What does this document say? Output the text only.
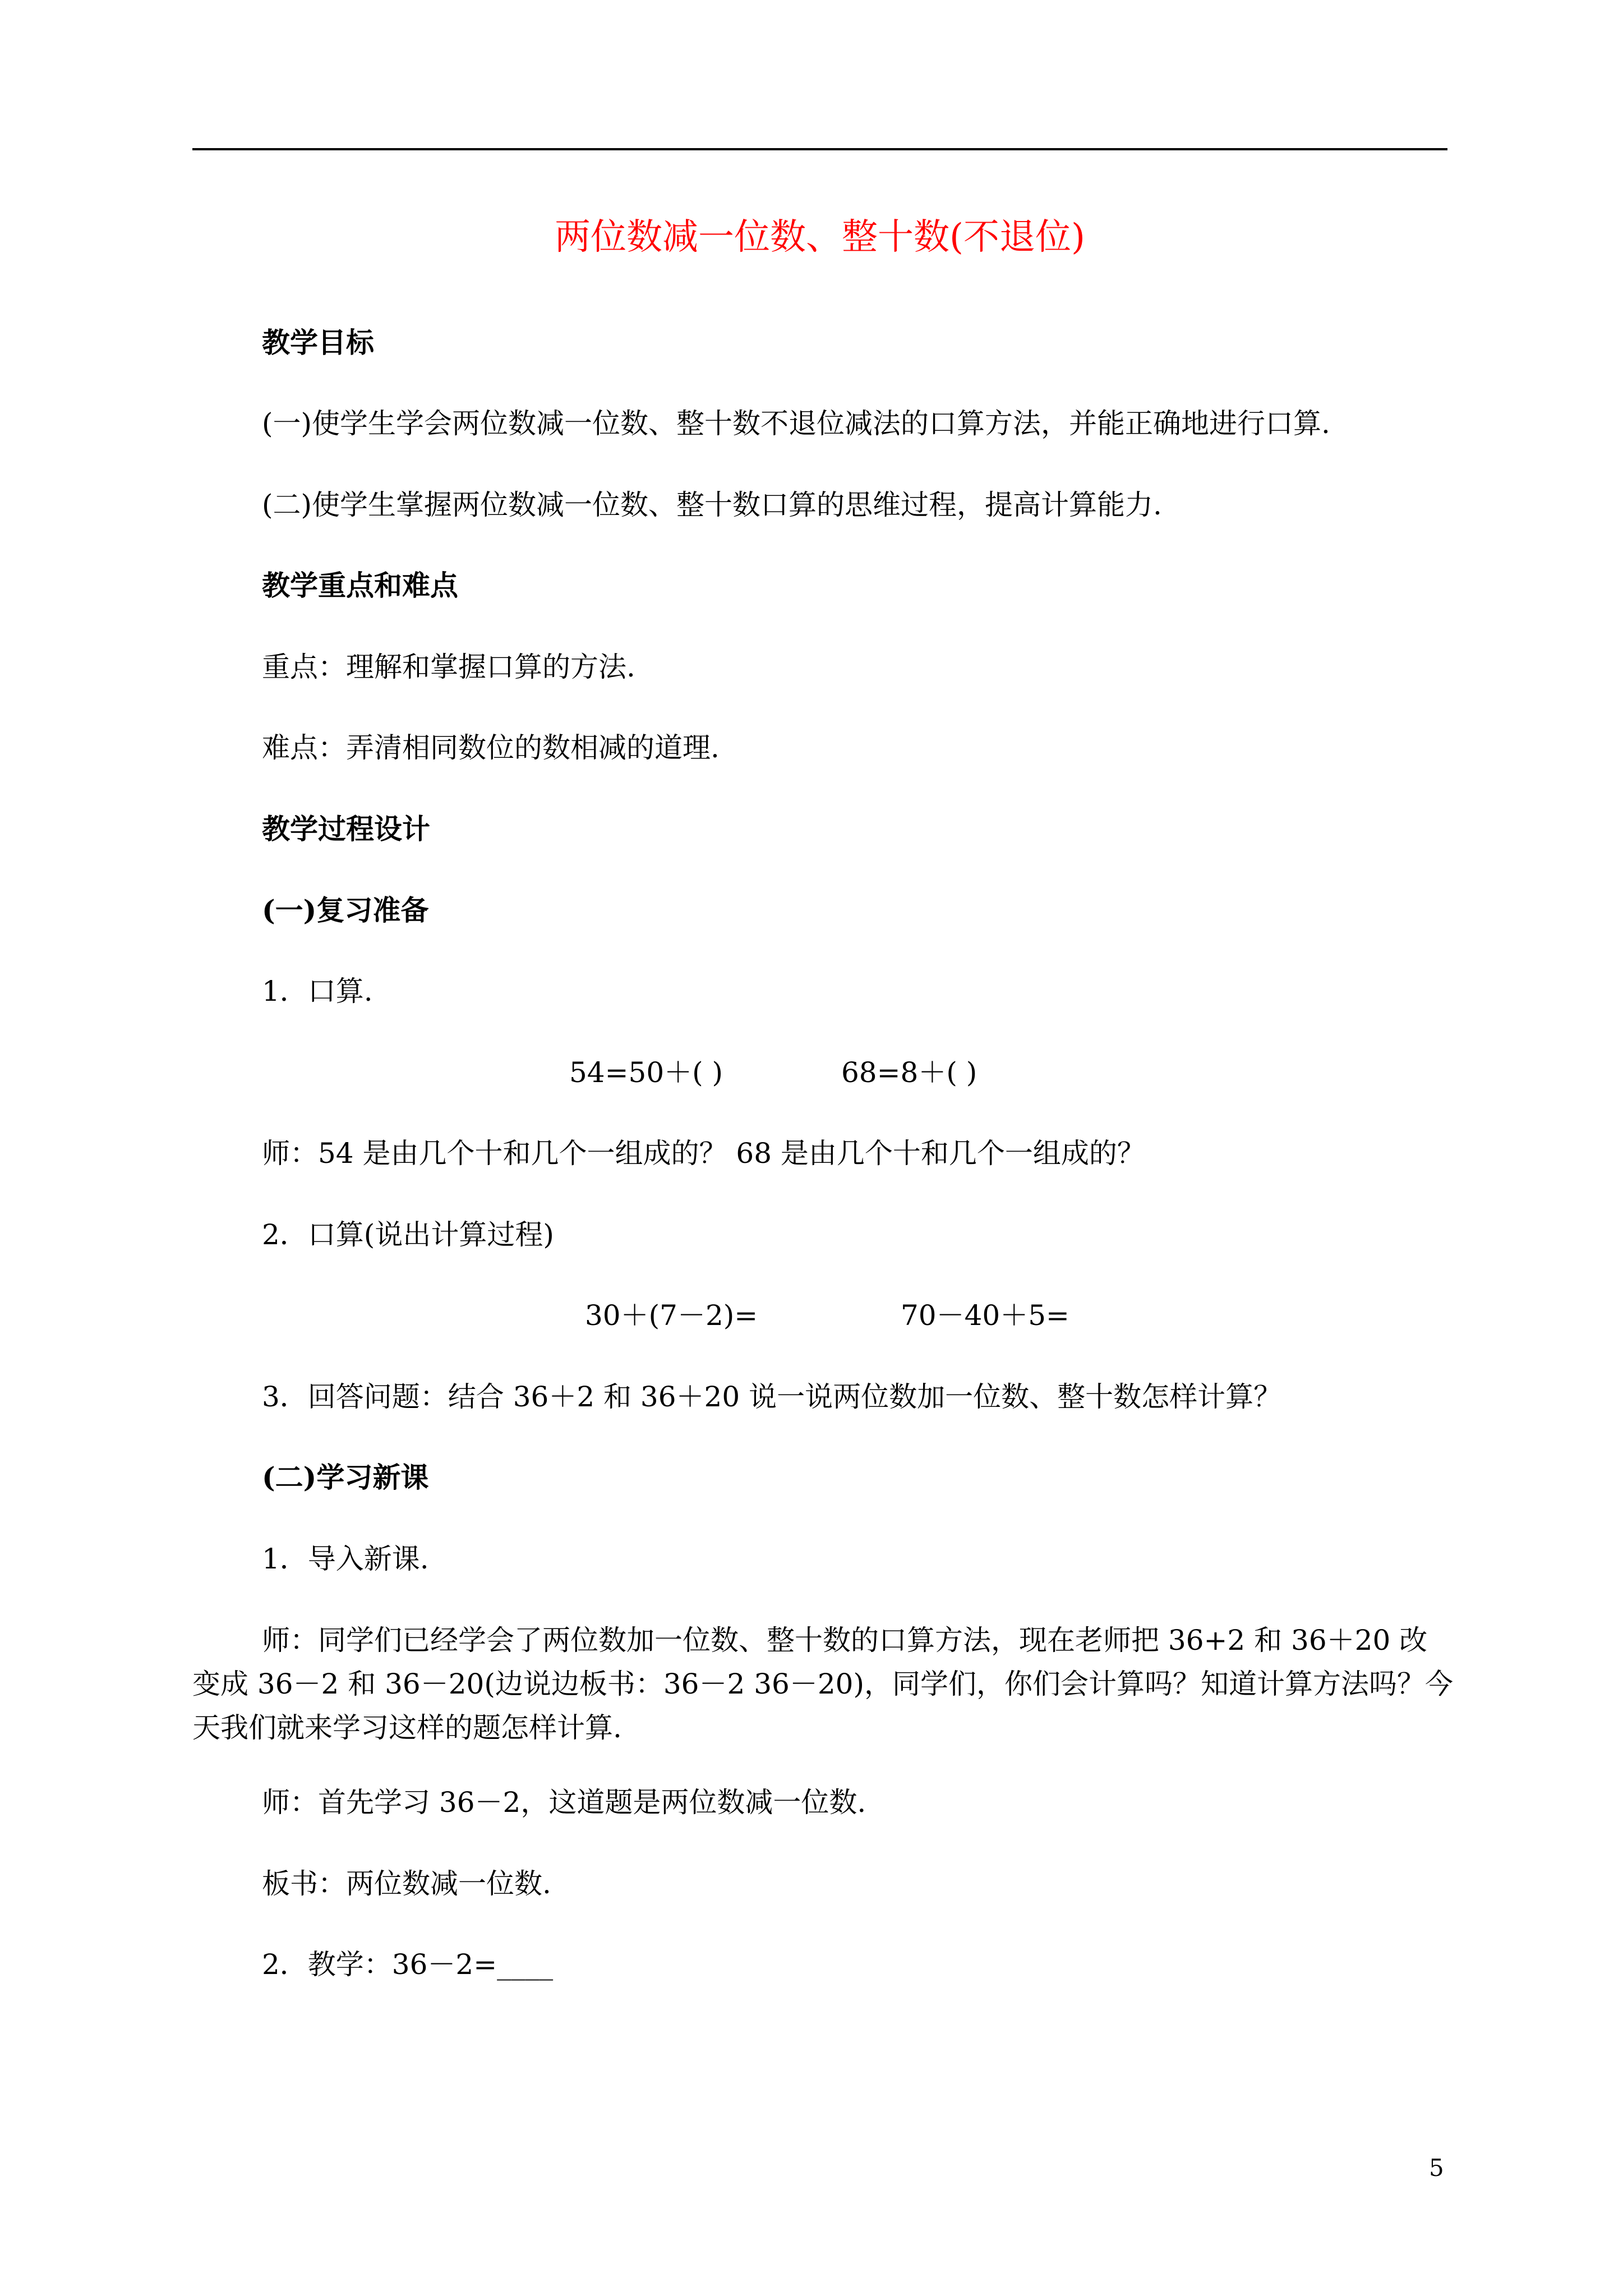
两位数减一位数、整十数(不退位)
教学目标
(一)使学生学会两位数减一位数、整十数不退位减法的口算方法，并能正确地进行口算.
(二)使学生掌握两位数减一位数、整十数口算的思维过程，提高计算能力.
教学重点和难点
重点：理解和掌握口算的方法.
难点：弄清相同数位的数相减的道理.
教学过程设计
(一)复习准备
1．口算.
54=50＋( )	68=8＋( )
师：54 是由几个十和几个一组成的？ 68 是由几个十和几个一组成的？
2．口算(说出计算过程)
30＋(7－2)=	70－40＋5=
3．回答问题：结合 36＋2 和 36＋20 说一说两位数加一位数、整十数怎样计算？
(二)学习新课
1．导入新课.
师：同学们已经学会了两位数加一位数、整十数的口算方法，现在老师把 36+2 和 36＋20 改
变成 36－2 和 36－20(边说边板书：36－2 36－20)，同学们，你们会计算吗？知道计算方法吗？今
天我们就来学习这样的题怎样计算.
师：首先学习 36－2，这道题是两位数减一位数.
板书：两位数减一位数.
2．教学：36－2=____
5
